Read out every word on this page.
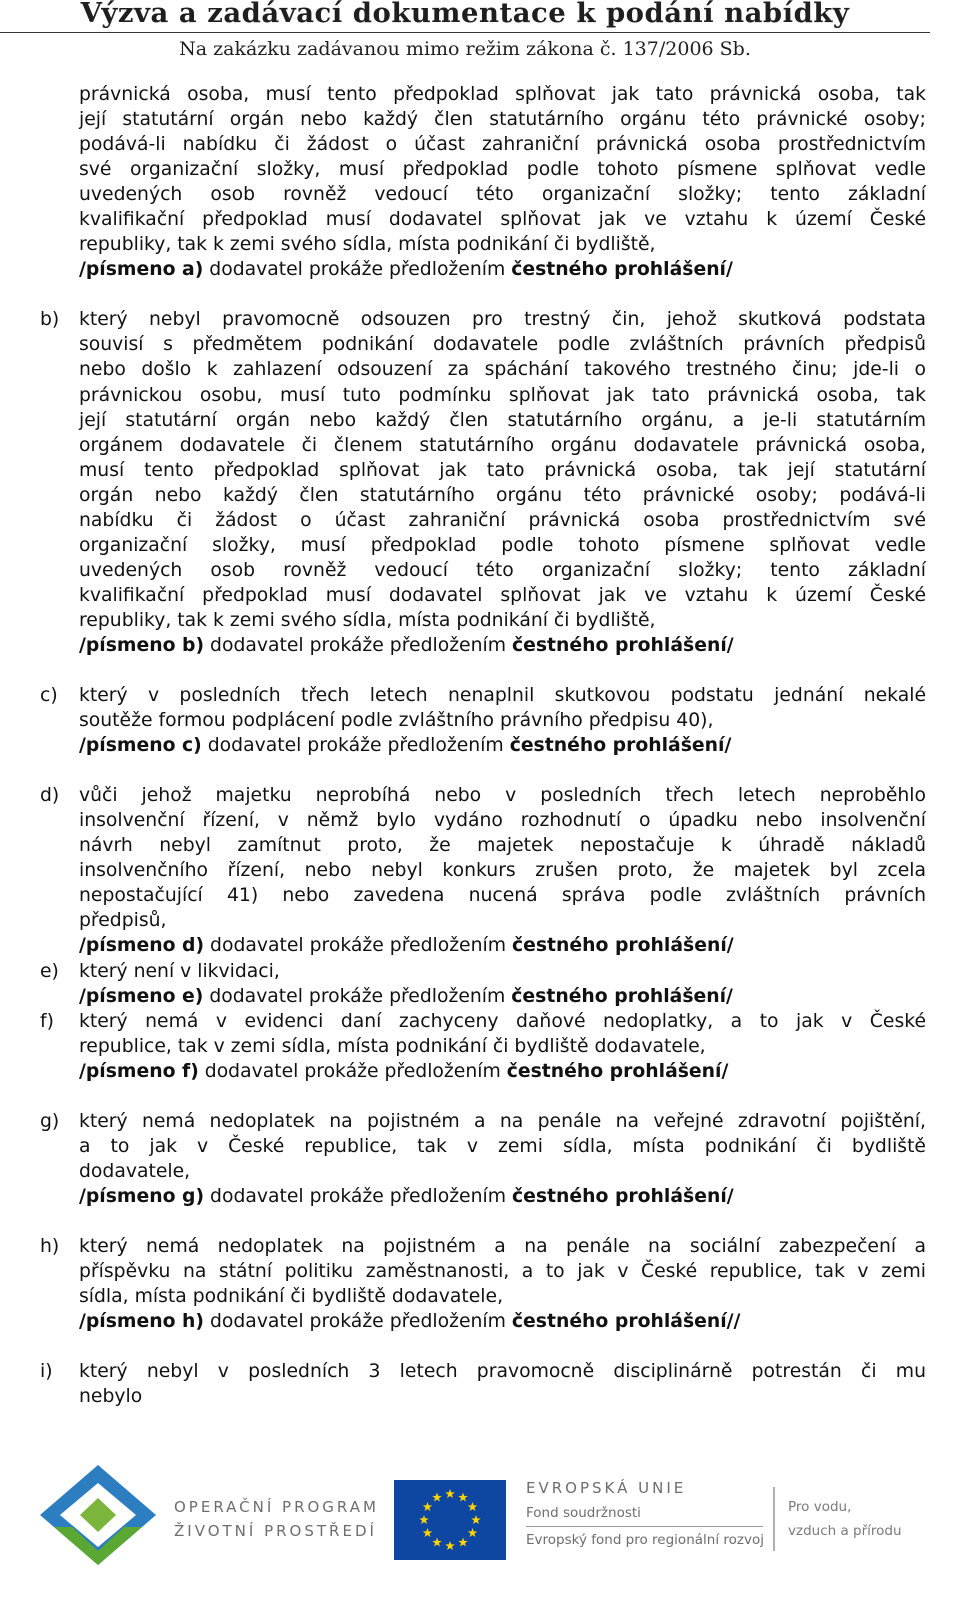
Výzva a zadávací dokumentace k podání nabídky
Na zakázku zadávanou mimo režim zákona č. 137/2006 Sb.
právnická osoba, musí tento předpoklad splňovat jak tato právnická osoba, tak
její statutární orgán nebo každý člen statutárního orgánu této právnické osoby;
podává-li nabídku či žádost o účast zahraniční právnická osoba prostřednictvím
své organizační složky, musí předpoklad podle tohoto písmene splňovat vedle
uvedených osob rovněž vedoucí této organizační složky; tento základní
kvalifikační předpoklad musí dodavatel splňovat jak ve vztahu k území České
republiky, tak k zemi svého sídla, místa podnikání či bydliště,
/písmeno a) dodavatel prokáže předložením čestného prohlášení/
b) který nebyl pravomocně odsouzen pro trestný čin, jehož skutková podstata
souvisí s předmětem podnikání dodavatele podle zvláštních právních předpisů
nebo došlo k zahlazení odsouzení za spáchání takového trestného činu; jde-li o
právnickou osobu, musí tuto podmínku splňovat jak tato právnická osoba, tak
její statutární orgán nebo každý člen statutárního orgánu, a je-li statutárním
orgánem dodavatele či členem statutárního orgánu dodavatele právnická osoba,
musí tento předpoklad splňovat jak tato právnická osoba, tak její statutární
orgán nebo každý člen statutárního orgánu této právnické osoby; podává-li
nabídku či žádost o účast zahraniční právnická osoba prostřednictvím své
organizační složky, musí předpoklad podle tohoto písmene splňovat vedle
uvedených osob rovněž vedoucí této organizační složky; tento základní
kvalifikační předpoklad musí dodavatel splňovat jak ve vztahu k území České
republiky, tak k zemi svého sídla, místa podnikání či bydliště,
/písmeno b) dodavatel prokáže předložením čestného prohlášení/
c) který v posledních třech letech nenaplnil skutkovou podstatu jednání nekalé
soutěže formou podplácení podle zvláštního právního předpisu 40),
/písmeno c) dodavatel prokáže předložením čestného prohlášení/
d) vůči jehož majetku neprobíhá nebo v posledních třech letech neproběhlo
insolvenční řízení, v němž bylo vydáno rozhodnutí o úpadku nebo insolvenční
návrh nebyl zamítnut proto, že majetek nepostačuje k úhradě nákladů
insolvenčního řízení, nebo nebyl konkurs zrušen proto, že majetek byl zcela
nepostačující 41) nebo zavedena nucená správa podle zvláštních právních
předpisů,
/písmeno d) dodavatel prokáže předložením čestného prohlášení/
e) který není v likvidaci,
/písmeno e) dodavatel prokáže předložením čestného prohlášení/
f) který nemá v evidenci daní zachyceny daňové nedoplatky, a to jak v České
republice, tak v zemi sídla, místa podnikání či bydliště dodavatele,
/písmeno f) dodavatel prokáže předložením čestného prohlášení/
g) který nemá nedoplatek na pojistném a na penále na veřejné zdravotní pojištění,
a to jak v České republice, tak v zemi sídla, místa podnikání či bydliště
dodavatele,
/písmeno g) dodavatel prokáže předložením čestného prohlášení/
h) který nemá nedoplatek na pojistném a na penále na sociální zabezpečení a
příspěvku na státní politiku zaměstnanosti, a to jak v České republice, tak v zemi
sídla, místa podnikání či bydliště dodavatele,
/písmeno h) dodavatel prokáže předložením čestného prohlášení//
i) který nebyl v posledních 3 letech pravomocně disciplinárně potrestán či mu
nebylo
OPERAČNÍ PROGRAM
ŽIVOTNÍ PROSTŘEDÍ
EVROPSKÁ UNIE
Fond soudržnosti
Evropský fond pro regionální rozvoj
Pro vodu,
vzduch a přírodu
